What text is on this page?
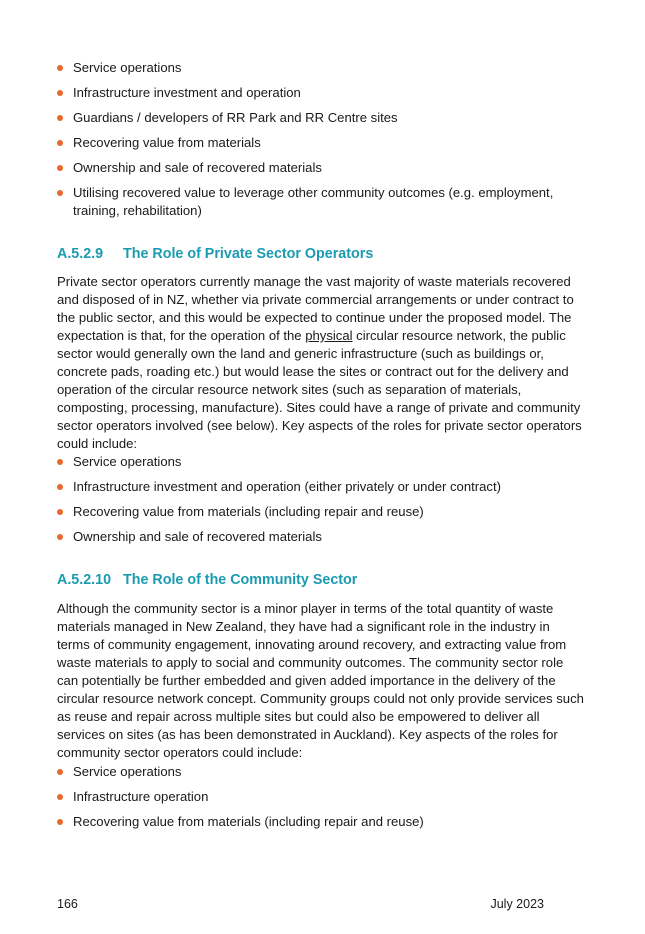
Service operations
Infrastructure investment and operation
Guardians / developers of RR Park and RR Centre sites
Recovering value from materials
Ownership and sale of recovered materials
Utilising recovered value to leverage other community outcomes (e.g. employment, training, rehabilitation)
A.5.2.9	The Role of Private Sector Operators

Private sector operators currently manage the vast majority of waste materials recovered and disposed of in NZ, whether via private commercial arrangements or under contract to the public sector, and this would be expected to continue under the proposed model. The expectation is that, for the operation of the physical circular resource network, the public sector would generally own the land and generic infrastructure (such as buildings or, concrete pads, roading etc.) but would lease the sites or contract out for the delivery and operation of the circular resource network sites (such as separation of materials, composting, processing, manufacture). Sites could have a range of private and community sector operators involved (see below). Key aspects of the roles for private sector operators could include:

Service operations
Infrastructure investment and operation (either privately or under contract)
Recovering value from materials (including repair and reuse)
Ownership and sale of recovered materials
A.5.2.10 The Role of the Community Sector

Although the community sector is a minor player in terms of the total quantity of waste materials managed in New Zealand, they have had a significant role in the industry in terms of community engagement, innovating around recovery, and extracting value from waste materials to apply to social and community outcomes. The community sector role can potentially be further embedded and given added importance in the delivery of the circular resource network concept. Community groups could not only provide services such as reuse and repair across multiple sites but could also be empowered to deliver all services on sites (as has been demonstrated in Auckland). Key aspects of the roles for community sector operators could include:

Service operations
Infrastructure operation
Recovering value from materials (including repair and reuse)
166	July 2023
